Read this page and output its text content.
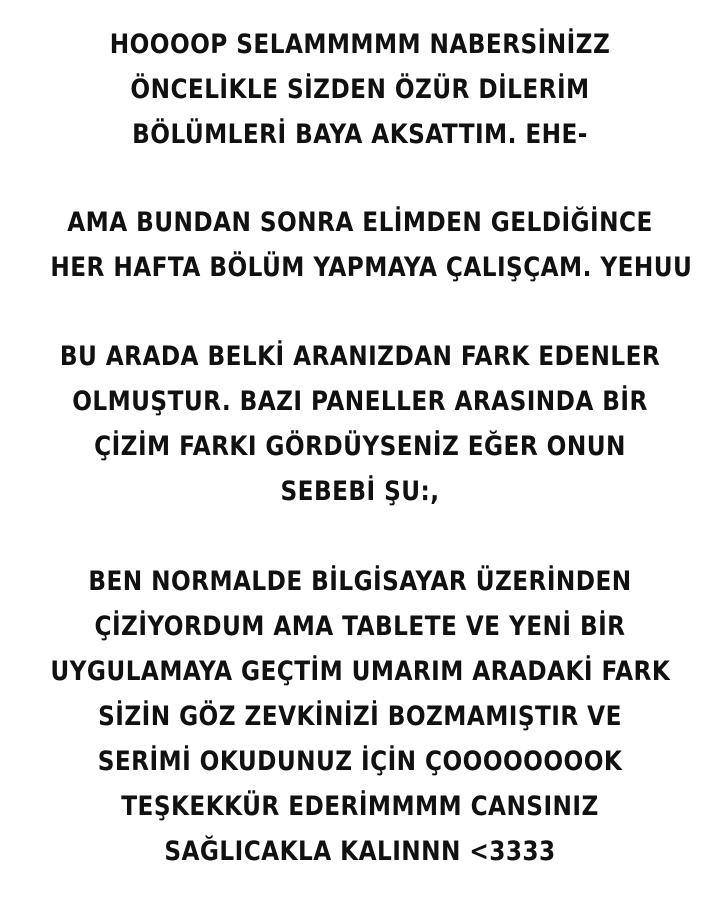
HOOOOP SELAMMMMM NABERSİNİZZ
ÖNCELİKLE SİZDEN ÖZÜR DİLERİM
BÖLÜMLERİ BAYA AKSATTIM. EHE-
AMA BUNDAN SONRA ELİMDEN GELDİĞİNCE
HER HAFTA BÖLÜM YAPMAYA ÇALIŞÇAM. YEHUU
BU ARADA BELKİ ARANIZDAN FARK EDENLER
OLMUŞTUR. BAZI PANELLER ARASINDA BİR
ÇİZİM FARKI GÖRDÜYSENİZ EĞER ONUN
SEBEBİ ŞU:,
BEN NORMALDE BİLGİSAYAR ÜZERİNDEN
ÇİZİYORDUM AMA TABLETE VE YENİ BİR
UYGULAMAYA GEÇTİM UMARIM ARADAKİ FARK
SİZİN GÖZ ZEVKİNİZİ BOZMAMIŞTIR VE
SERİMİ OKUDUNUZ İÇİN ÇOOOOOOOOK
TEŞKEKKÜR EDERİMMMM CANSINIZ
SAĞLICAKLA KALINNN <3333
